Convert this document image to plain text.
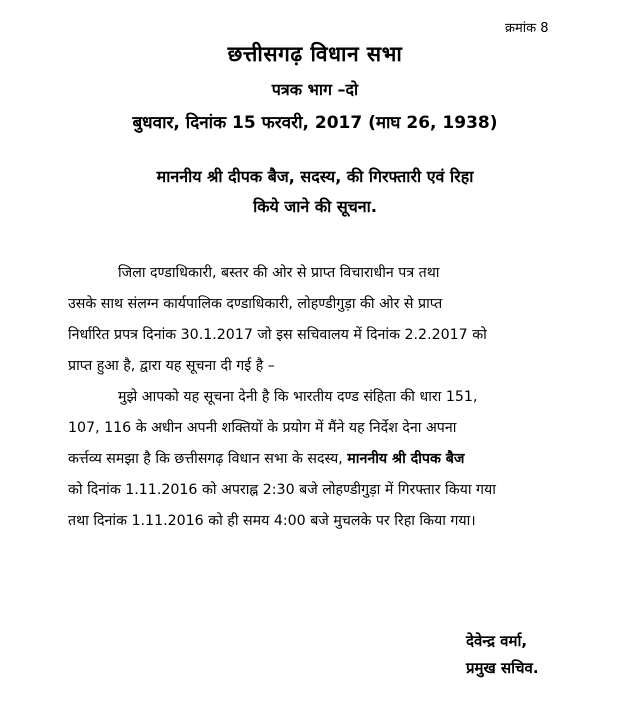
क्रमांक 8
छत्तीसगढ़ विधान सभा
पत्रक भाग –दो
बुधवार, दिनांक 15 फरवरी, 2017 (माघ 26, 1938)
माननीय श्री दीपक बैज, सदस्य, की गिरफ्तारी एवं रिहा
किये जाने की सूचना.
जिला दण्डाधिकारी, बस्तर की ओर से प्राप्त विचाराधीन पत्र तथा
उसके साथ संलग्न कार्यपालिक दण्डाधिकारी, लोहण्डीगुड़ा की ओर से प्राप्त
निर्धारित प्रपत्र दिनांक 30.1.2017 जो इस सचिवालय में दिनांक 2.2.2017 को
प्राप्त हुआ है, द्वारा यह सूचना दी गई है –
मुझे आपको यह सूचना देनी है कि भारतीय दण्ड संहिता की धारा 151,
107, 116 के अधीन अपनी शक्तियों के प्रयोग में मैंने यह निर्देश देना अपना
कर्त्तव्य समझा है कि छत्तीसगढ़ विधान सभा के सदस्य, माननीय श्री दीपक बैज
को दिनांक 1.11.2016 को अपराह्न 2:30 बजे लोहण्डीगुड़ा में गिरफ्तार किया गया
तथा दिनांक 1.11.2016 को ही समय 4:00 बजे मुचलके पर रिहा किया गया।
देवेन्द्र वर्मा,
प्रमुख सचिव.
